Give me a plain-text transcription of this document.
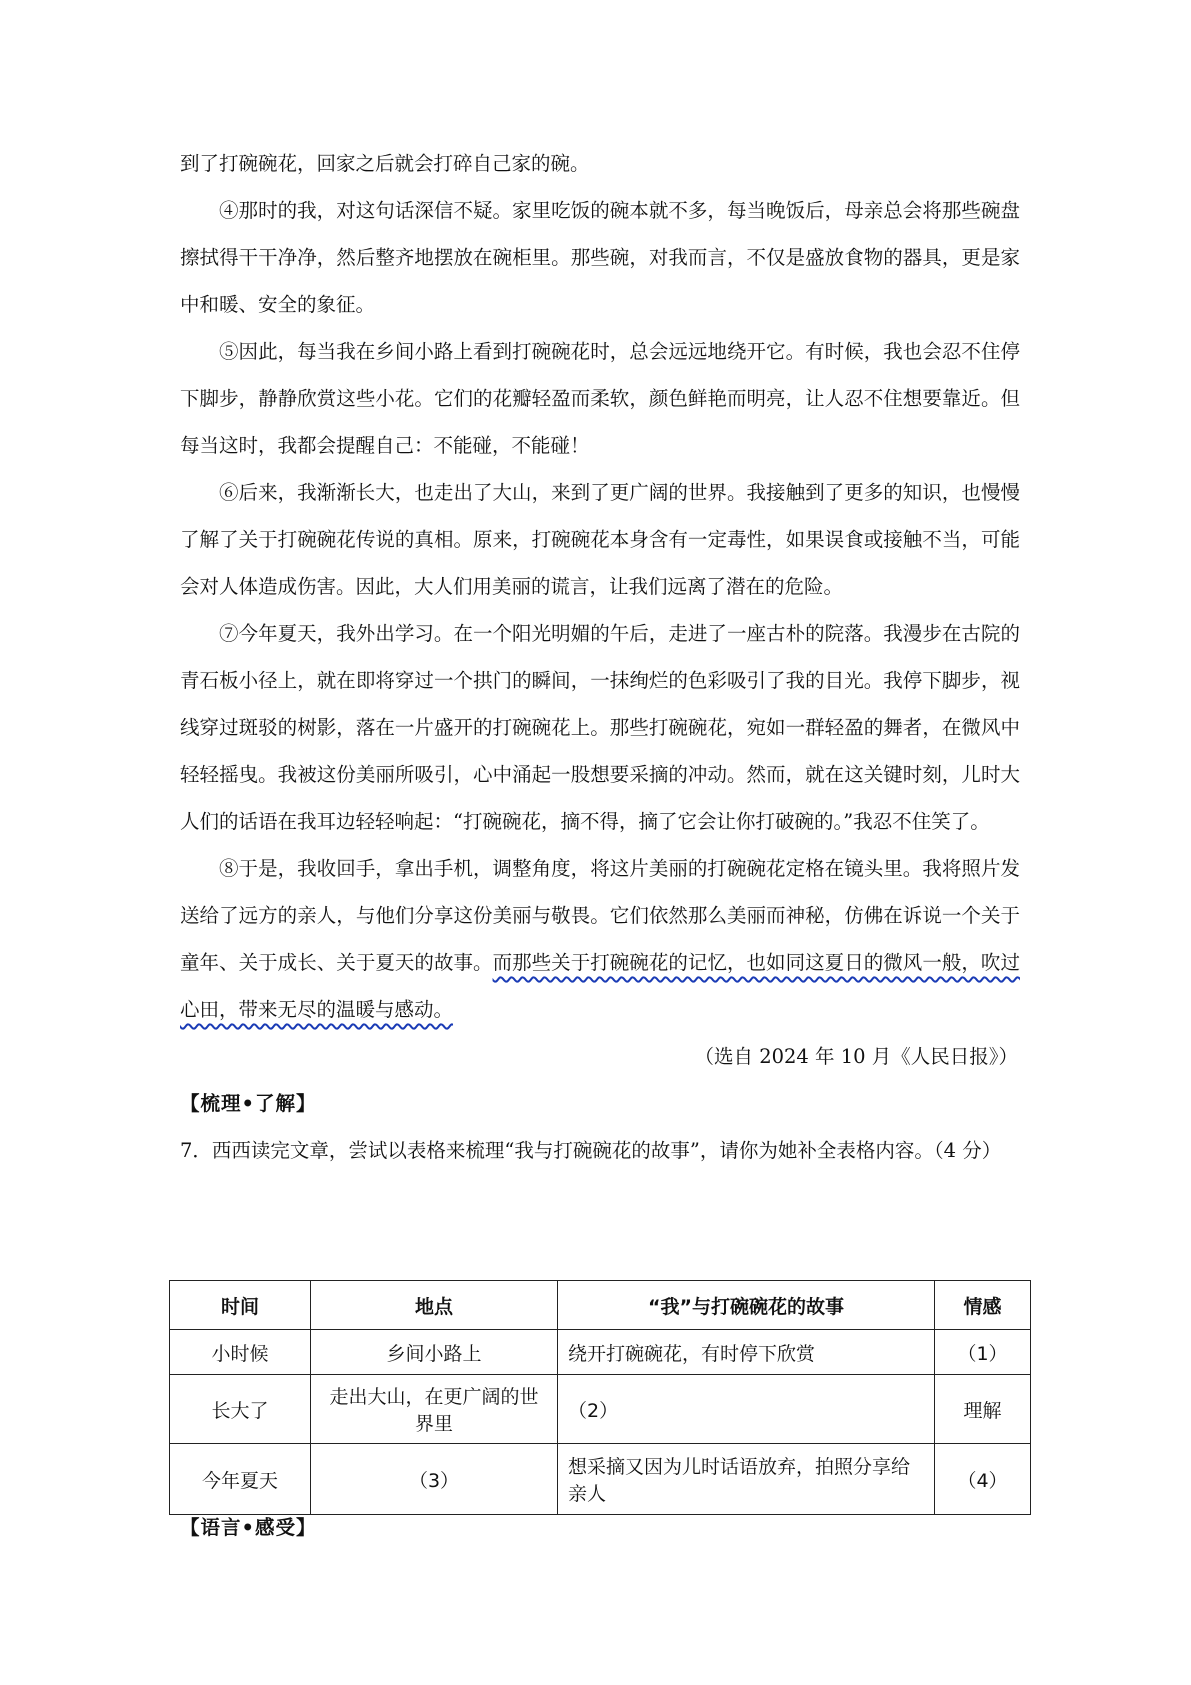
到了打碗碗花，回家之后就会打碎自己家的碗。

④那时的我，对这句话深信不疑。家里吃饭的碗本就不多，每当晚饭后，母亲总会将那些碗盘擦拭得干干净净，然后整齐地摆放在碗柜里。那些碗，对我而言，不仅是盛放食物的器具，更是家中和暖、安全的象征。

⑤因此，每当我在乡间小路上看到打碗碗花时，总会远远地绕开它。有时候，我也会忍不住停下脚步，静静欣赏这些小花。它们的花瓣轻盈而柔软，颜色鲜艳而明亮，让人忍不住想要靠近。但每当这时，我都会提醒自己：不能碰，不能碰！

⑥后来，我渐渐长大，也走出了大山，来到了更广阔的世界。我接触到了更多的知识，也慢慢了解了关于打碗碗花传说的真相。原来，打碗碗花本身含有一定毒性，如果误食或接触不当，可能会对人体造成伤害。因此，大人们用美丽的谎言，让我们远离了潜在的危险。

⑦今年夏天，我外出学习。在一个阳光明媚的午后，走进了一座古朴的院落。我漫步在古院的青石板小径上，就在即将穿过一个拱门的瞬间，一抹绚烂的色彩吸引了我的目光。我停下脚步，视线穿过斑驳的树影，落在一片盛开的打碗碗花上。那些打碗碗花，宛如一群轻盈的舞者，在微风中轻轻摇曳。我被这份美丽所吸引，心中涌起一股想要采摘的冲动。然而，就在这关键时刻，儿时大人们的话语在我耳边轻轻响起：“打碗碗花，摘不得，摘了它会让你打破碗的。”我忍不住笑了。

⑧于是，我收回手，拿出手机，调整角度，将这片美丽的打碗碗花定格在镜头里。我将照片发送给了远方的亲人，与他们分享这份美丽与敬畏。它们依然那么美丽而神秘，仿佛在诉说一个关于童年、关于成长、关于夏天的故事。而那些关于打碗碗花的记忆，也如同这夏日的微风一般，吹过心田，带来无尽的温暖与感动。

（选自 2024 年 10 月《人民日报》）

【梳理•了解】

7．西西读完文章，尝试以表格来梳理“我与打碗碗花的故事”，请你为她补全表格内容。（4 分）

时间	地点	“我”与打碗碗花的故事	情感
小时候	乡间小路上	绕开打碗碗花，有时停下欣赏	（1）
长大了	走出大山，在更广阔的世界里	（2）	理解
今年夏天	（3）	想采摘又因为儿时话语放弃，拍照分享给亲人	（4）

【语言•感受】
